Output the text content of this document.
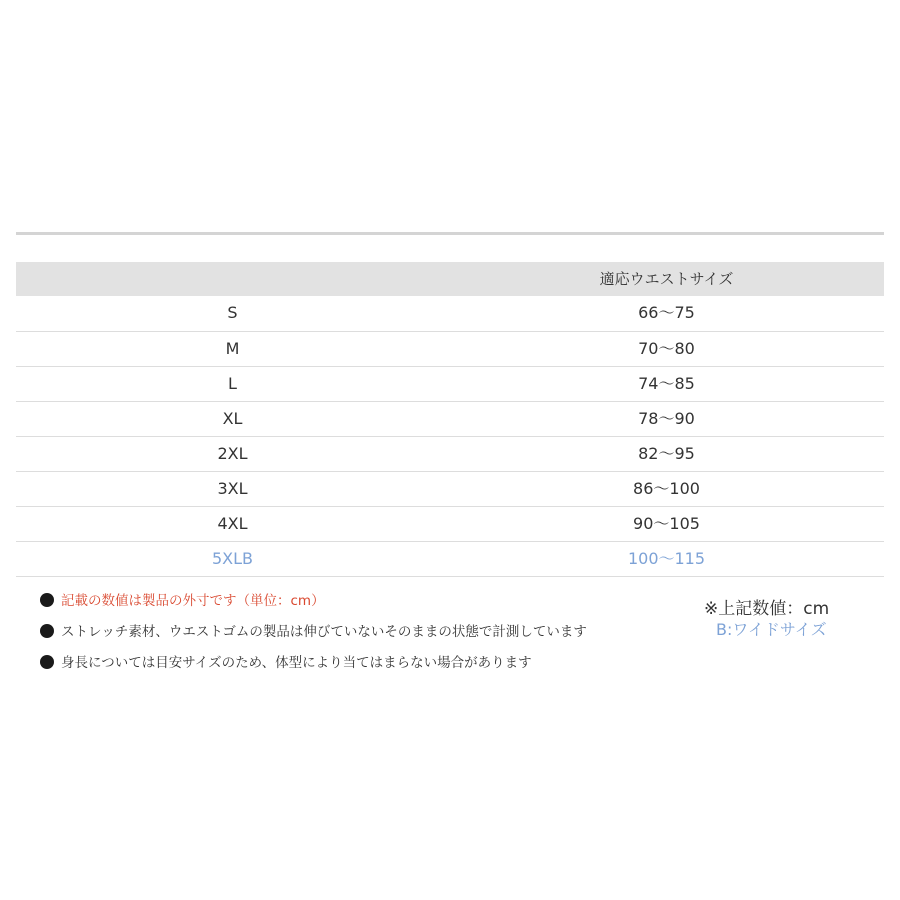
	適応ウエストサイズ
S	66〜75
M	70〜80
L	74〜85
XL	78〜90
2XL	82〜95
3XL	86〜100
4XL	90〜105
5XLB	100〜115
記載の数値は製品の外寸です（単位：cm）
ストレッチ素材、ウエストゴムの製品は伸びていないそのままの状態で計測しています
身長については目安サイズのため、体型により当てはまらない場合があります
※上記数値：cm
B:ワイドサイズ
